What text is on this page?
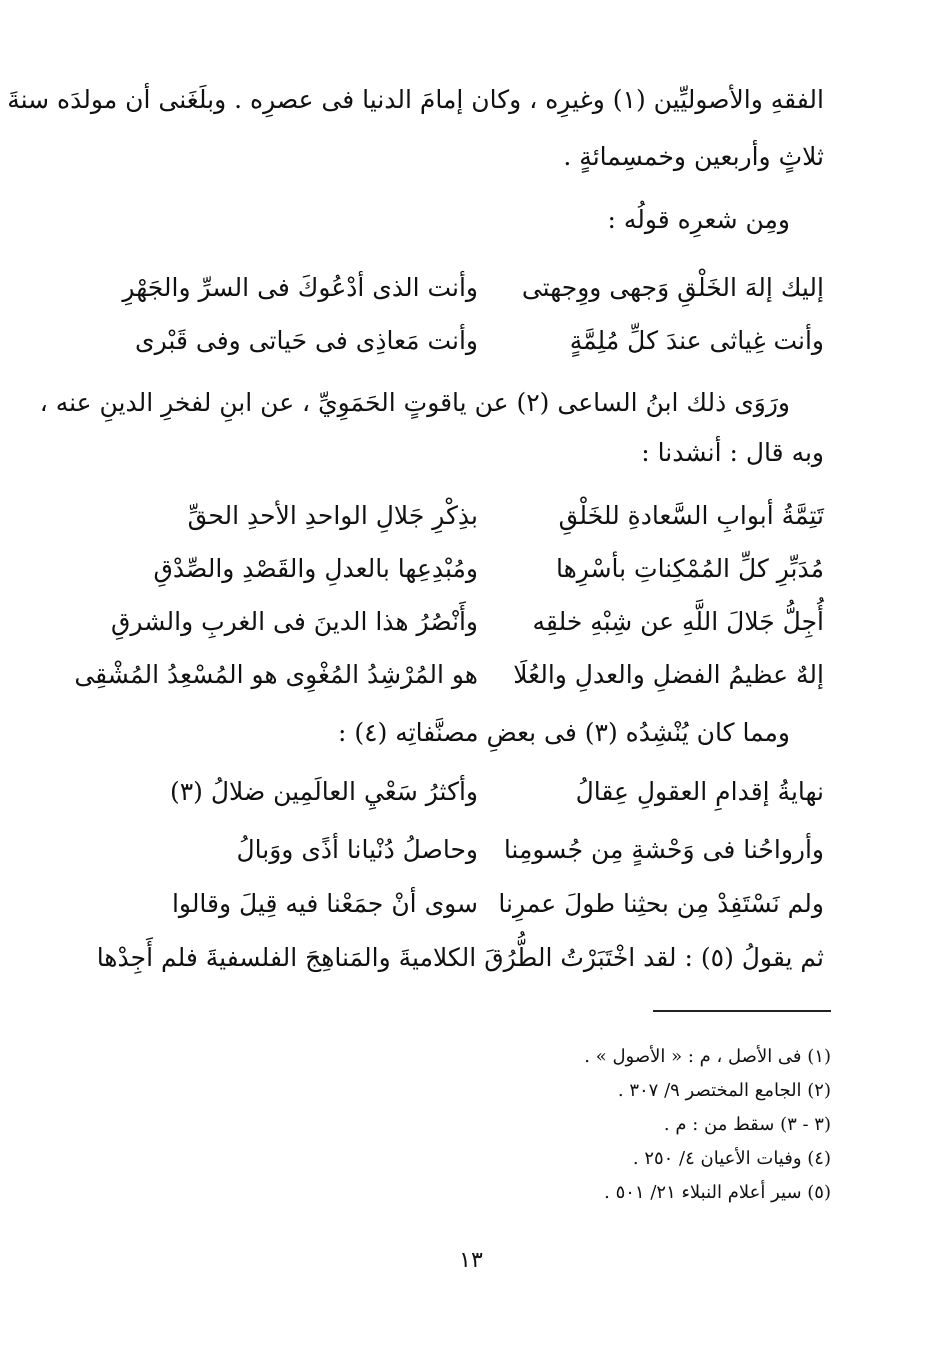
الفقهِ والأصوليِّين (١) وغيرِه ، وكان إمامَ الدنيا فى عصرِه . وبلَغَنى أن مولدَه سنةَ
ثلاثٍ وأربعين وخمسِمائةٍ .
ومِن شعرِه قولُه :
إليك إلهَ الخَلْقِ وَجهى ووِجهتى
وأنت الذى أدْعُوكَ فى السرِّ والجَهْرِ
وأنت غِياثى عندَ كلِّ مُلِمَّةٍ
وأنت مَعاذِى فى حَياتى وفى قَبْرى
ورَوَى ذلك ابنُ الساعى (٢) عن ياقوتٍ الحَمَوِيِّ ، عن ابنِ لفخرِ الدينِ عنه ،
وبه قال : أنشدنا :
تَتِمَّةُ أبوابِ السَّعادةِ للخَلْقِ
بذِكْرِ جَلالِ الواحدِ الأحدِ الحقِّ
مُدَبِّرِ كلِّ المُمْكِناتِ بأسْرِها
ومُبْدِعِها بالعدلِ والقَصْدِ والصِّدْقِ
أُجِلُّ جَلالَ اللَّهِ عن شِبْهِ خلقِه
وأَنْصُرُ هذا الدينَ فى الغربِ والشرقِ
إلهٌ عظيمُ الفضلِ والعدلِ والعُلَا
هو المُرْشِدُ المُغْوِى هو المُسْعِدُ المُشْقِى
ومما كان يُنْشِدُه (٣) فى بعضِ مصنَّفاتِه (٤) :
نهايةُ إقدامِ العقولِ عِقالُ
وأكثرُ سَعْيِ العالَمِين ضلالُ (٣)
وأرواحُنا فى وَحْشةٍ مِن جُسومِنا
وحاصلُ دُنْيانا أذًى ووَبالُ
ولم نَسْتَفِدْ مِن بحثِنا طولَ عمرِنا
سوى أنْ جمَعْنا فيه قِيلَ وقالوا
ثم يقولُ (٥) : لقد اخْتَبَرْتُ الطُّرُقَ الكلاميةَ والمَناهِجَ الفلسفيةَ فلم أَجِدْها
(١) فى الأصل ، م : « الأصول » .
(٢) الجامع المختصر ٩/ ٣٠٧ .
(٣ - ٣) سقط من : م .
(٤) وفيات الأعيان ٤/ ٢٥٠ .
(٥) سير أعلام النبلاء ٢١/ ٥٠١ .
١٣
